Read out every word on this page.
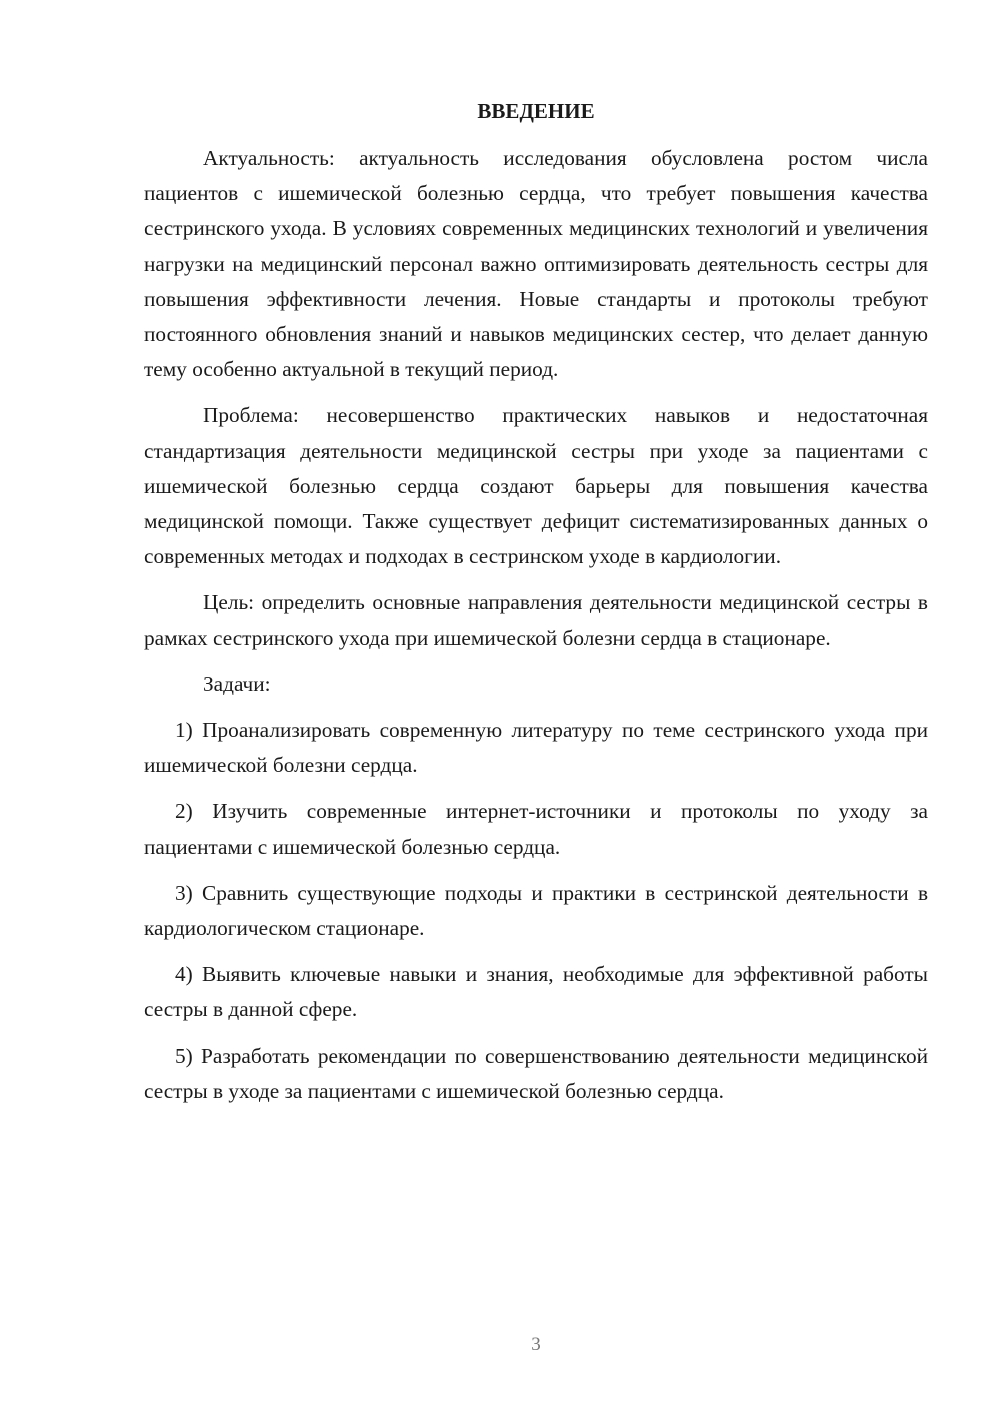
ВВЕДЕНИЕ

Актуальность: актуальность исследования обусловлена ростом числа пациентов с ишемической болезнью сердца, что требует повышения качества сестринского ухода. В условиях современных медицинских технологий и увеличения нагрузки на медицинский персонал важно оптимизировать деятельность сестры для повышения эффективности лечения. Новые стандарты и протоколы требуют постоянного обновления знаний и навыков медицинских сестер, что делает данную тему особенно актуальной в текущий период.

Проблема: несовершенство практических навыков и недостаточная стандартизация деятельности медицинской сестры при уходе за пациентами с ишемической болезнью сердца создают барьеры для повышения качества медицинской помощи. Также существует дефицит систематизированных данных о современных методах и подходах в сестринском уходе в кардиологии.

Цель: определить основные направления деятельности медицинской сестры в рамках сестринского ухода при ишемической болезни сердца в стационаре.

Задачи:

1) Проанализировать современную литературу по теме сестринского ухода при ишемической болезни сердца.

2) Изучить современные интернет-источники и протоколы по уходу за пациентами с ишемической болезнью сердца.

3) Сравнить существующие подходы и практики в сестринской деятельности в кардиологическом стационаре.

4) Выявить ключевые навыки и знания, необходимые для эффективной работы сестры в данной сфере.

5) Разработать рекомендации по совершенствованию деятельности медицинской сестры в уходе за пациентами с ишемической болезнью сердца.

3
